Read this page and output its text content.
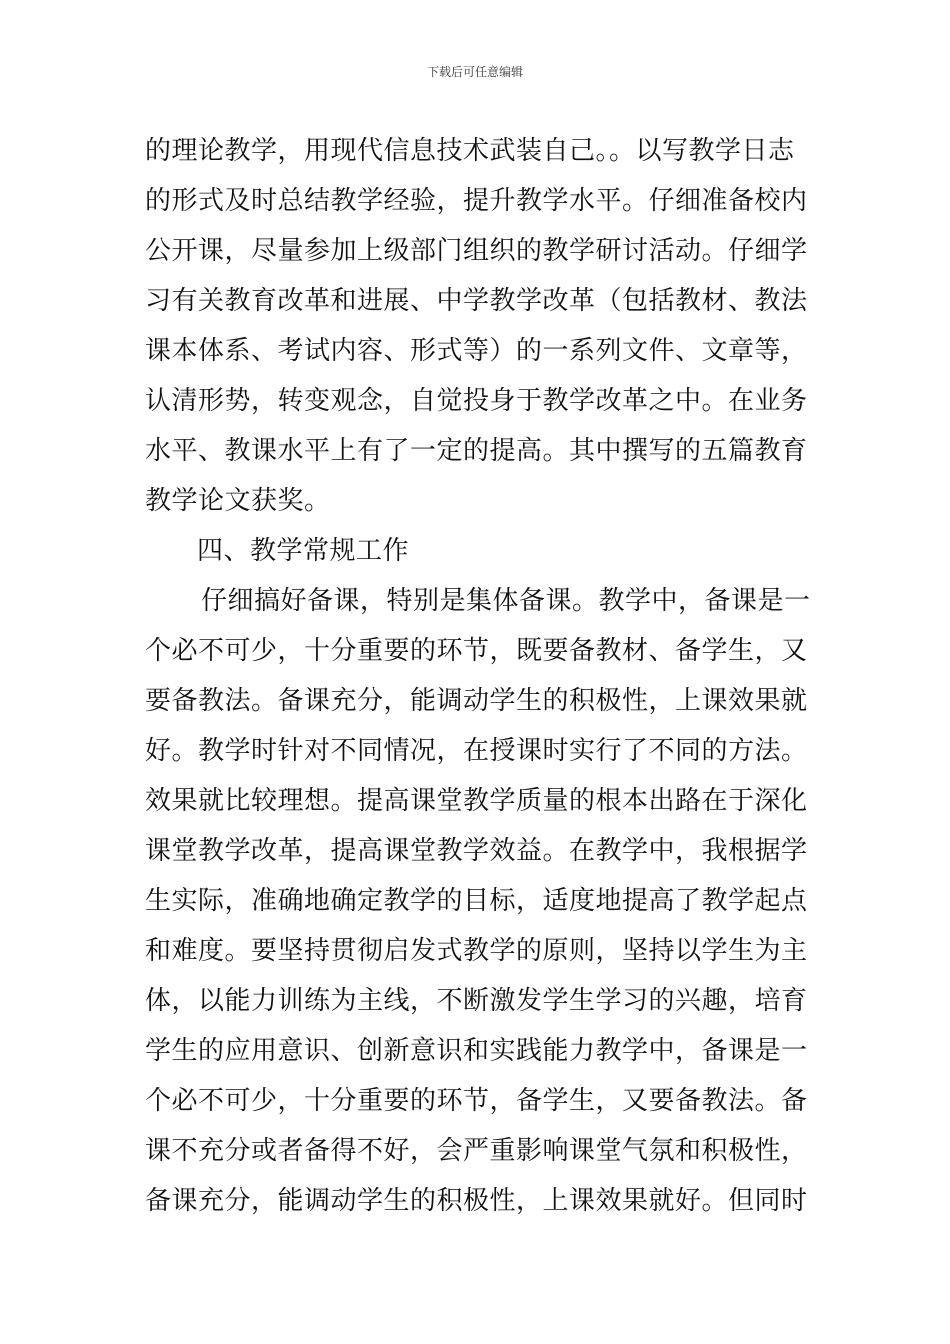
下载后可任意编辑
的理论教学，用现代信息技术武装自己。。以写教学日志
的形式及时总结教学经验，提升教学水平。仔细准备校内
公开课，尽量参加上级部门组织的教学研讨活动。仔细学
习有关教育改革和进展、中学教学改革（包括教材、教法
课本体系、考试内容、形式等）的一系列文件、文章等，
认清形势，转变观念，自觉投身于教学改革之中。在业务
水平、教课水平上有了一定的提高。其中撰写的五篇教育
教学论文获奖。
四、教学常规工作
仔细搞好备课，特别是集体备课。教学中，备课是一
个必不可少，十分重要的环节，既要备教材、备学生，又
要备教法。备课充分，能调动学生的积极性，上课效果就
好。教学时针对不同情况，在授课时实行了不同的方法。
效果就比较理想。提高课堂教学质量的根本出路在于深化
课堂教学改革，提高课堂教学效益。在教学中，我根据学
生实际，准确地确定教学的目标，适度地提高了教学起点
和难度。要坚持贯彻启发式教学的原则，坚持以学生为主
体，以能力训练为主线，不断激发学生学习的兴趣，培育
学生的应用意识、创新意识和实践能力教学中，备课是一
个必不可少，十分重要的环节，备学生，又要备教法。备
课不充分或者备得不好，会严重影响课堂气氛和积极性，
备课充分，能调动学生的积极性，上课效果就好。但同时
